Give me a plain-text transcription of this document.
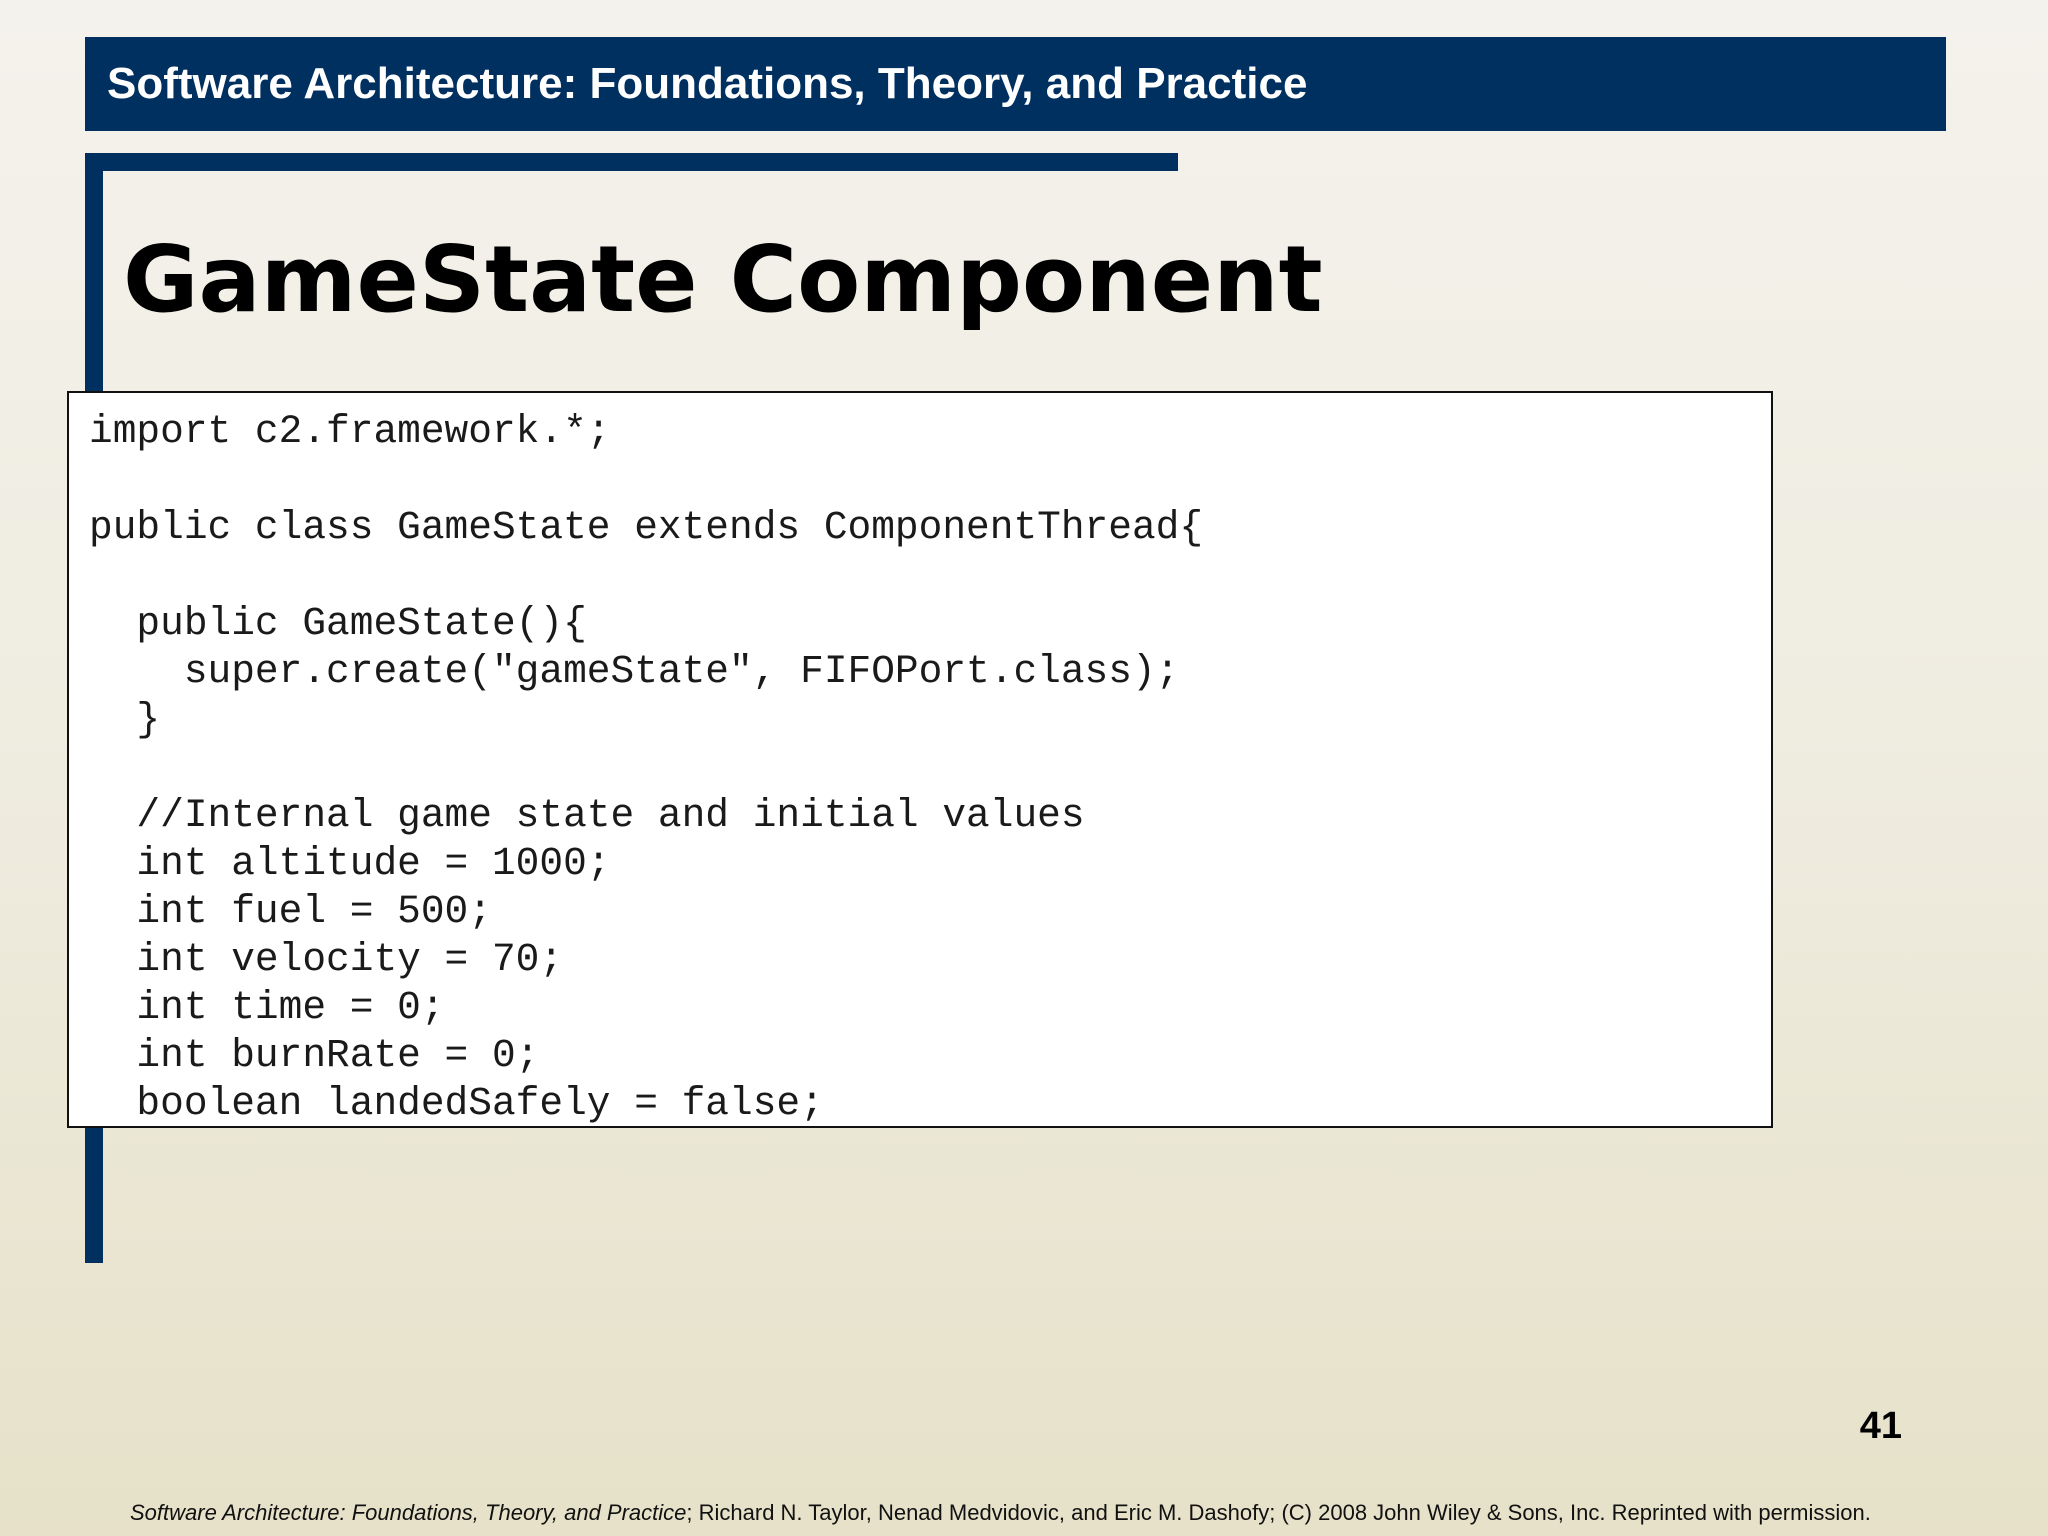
Software Architecture: Foundations, Theory, and Practice
GameState Component
import c2.framework.*;
public class GameState extends ComponentThread{
public GameState(){
super.create("gameState", FIFOPort.class);
}
//Internal game state and initial values
int altitude = 1000;
int fuel = 500;
int velocity = 70;
int time = 0;
int burnRate = 0;
boolean landedSafely = false;
41
Software Architecture: Foundations, Theory, and Practice; Richard N. Taylor, Nenad Medvidovic, and Eric M. Dashofy; (C) 2008 John Wiley & Sons, Inc. Reprinted with permission.
